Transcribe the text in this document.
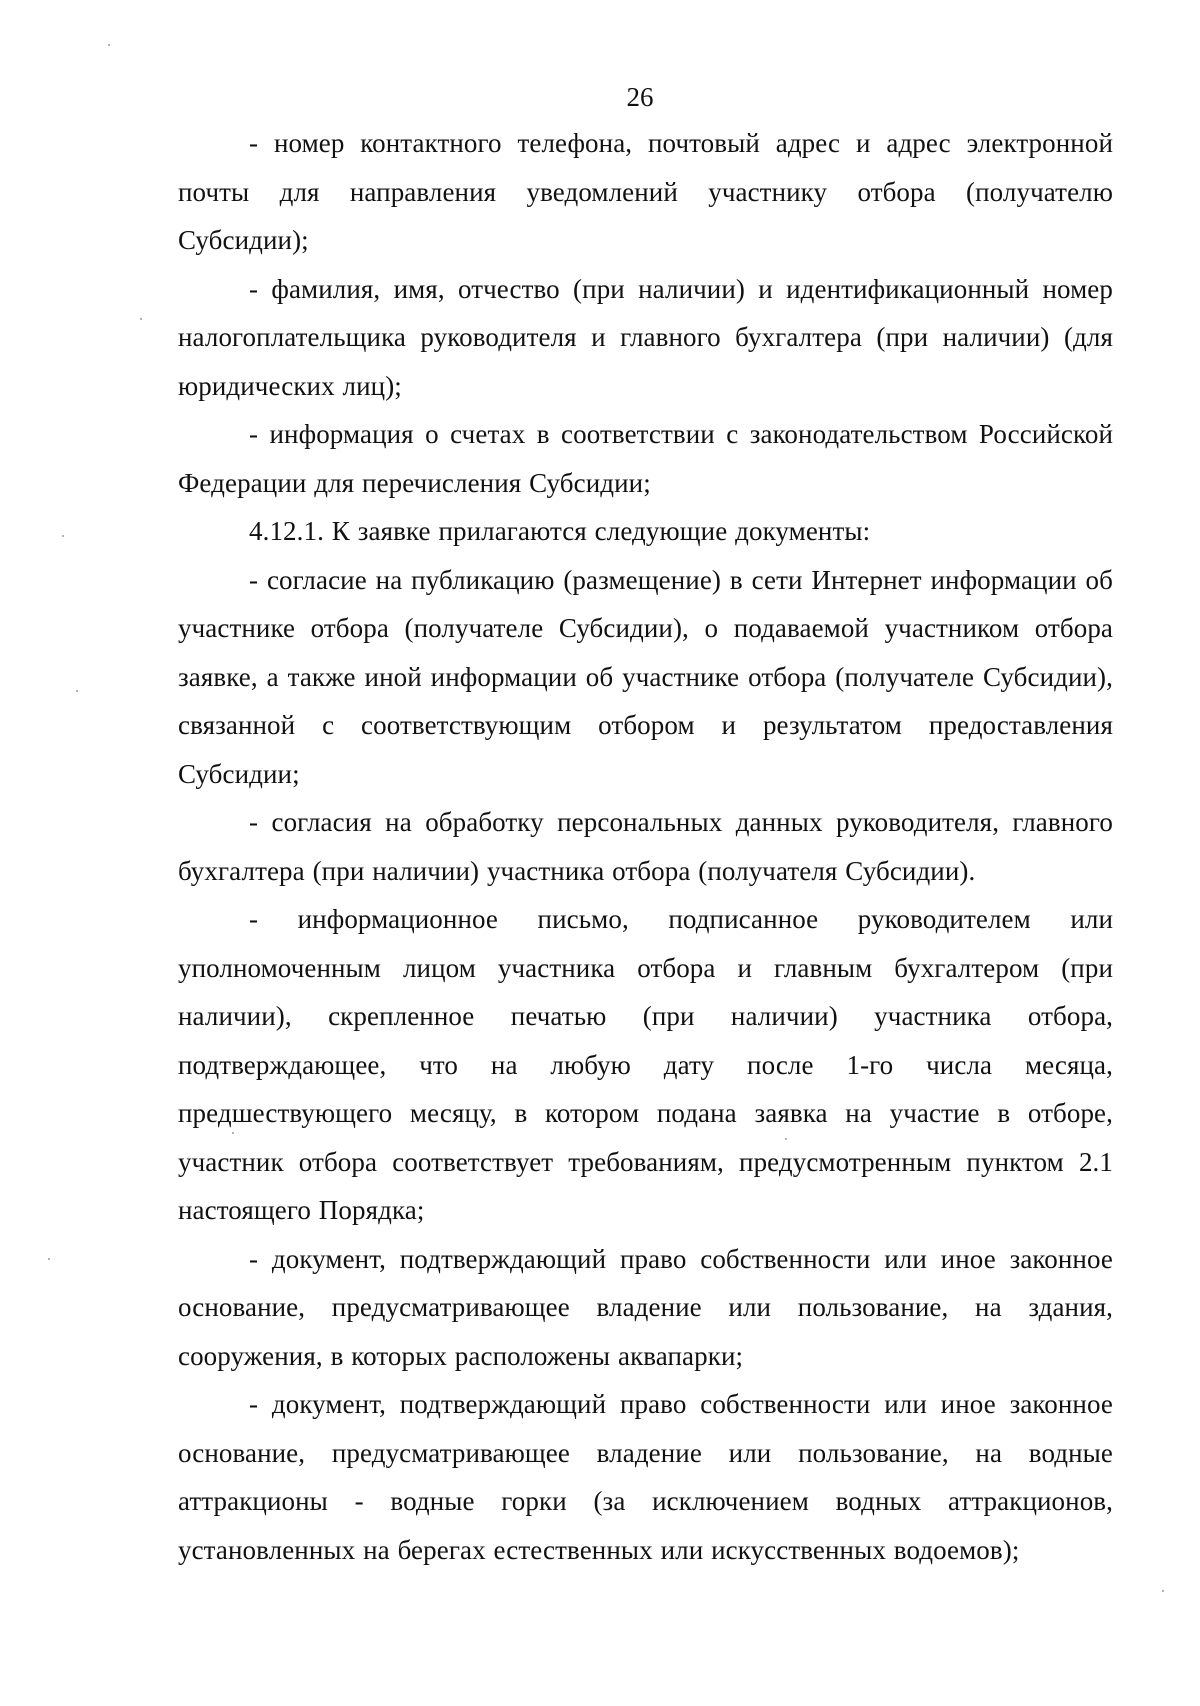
26

- номер контактного телефона, почтовый адрес и адрес электронной почты для направления уведомлений участнику отбора (получателю Субсидии);

- фамилия, имя, отчество (при наличии) и идентификационный номер налогоплательщика руководителя и главного бухгалтера (при наличии) (для юридических лиц);

- информация о счетах в соответствии с законодательством Российской Федерации для перечисления Субсидии;

4.12.1. К заявке прилагаются следующие документы:

- согласие на публикацию (размещение) в сети Интернет информации об участнике отбора (получателе Субсидии), о подаваемой участником отбора заявке, а также иной информации об участнике отбора (получателе Субсидии), связанной с соответствующим отбором и результатом предоставления Субсидии;

- согласия на обработку персональных данных руководителя, главного бухгалтера (при наличии) участника отбора (получателя Субсидии).

- информационное письмо, подписанное руководителем или уполномоченным лицом участника отбора и главным бухгалтером (при наличии), скрепленное печатью (при наличии) участника отбора, подтверждающее, что на любую дату после 1-го числа месяца, предшествующего месяцу, в котором подана заявка на участие в отборе, участник отбора соответствует требованиям, предусмотренным пунктом 2.1 настоящего Порядка;

- документ, подтверждающий право собственности или иное законное основание, предусматривающее владение или пользование, на здания, сооружения, в которых расположены аквапарки;

- документ, подтверждающий право собственности или иное законное основание, предусматривающее владение или пользование, на водные аттракционы - водные горки (за исключением водных аттракционов, установленных на берегах естественных или искусственных водоемов);
